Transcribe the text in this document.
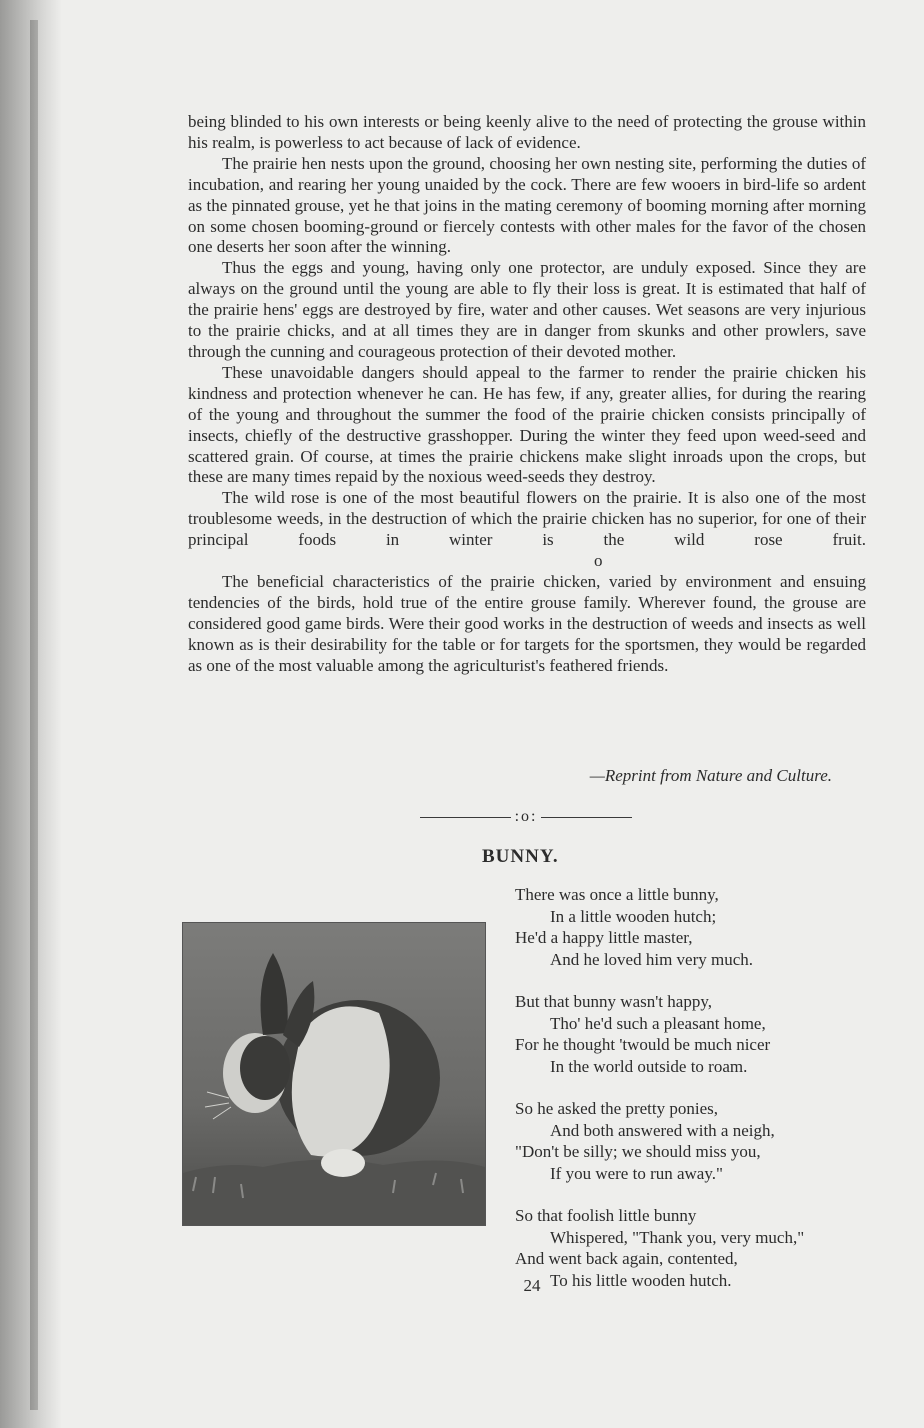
being blinded to his own interests or being keenly alive to the need of protecting the grouse within his realm, is powerless to act because of lack of evidence.

The prairie hen nests upon the ground, choosing her own nesting site, performing the duties of incubation, and rearing her young unaided by the cock. There are few wooers in bird-life so ardent as the pinnated grouse, yet he that joins in the mating ceremony of booming morning after morning on some chosen booming-ground or fiercely contests with other males for the favor of the chosen one deserts her soon after the winning.

Thus the eggs and young, having only one protector, are unduly exposed. Since they are always on the ground until the young are able to fly their loss is great. It is estimated that half of the prairie hens' eggs are destroyed by fire, water and other causes. Wet seasons are very injurious to the prairie chicks, and at all times they are in danger from skunks and other prowlers, save through the cunning and courageous protection of their devoted mother.

These unavoidable dangers should appeal to the farmer to render the prairie chicken his kindness and protection whenever he can. He has few, if any, greater allies, for during the rearing of the young and throughout the summer the food of the prairie chicken consists principally of insects, chiefly of the destructive grasshopper. During the winter they feed upon weed-seed and scattered grain. Of course, at times the prairie chickens make slight inroads upon the crops, but these are many times repaid by the noxious weed-seeds they destroy.

The wild rose is one of the most beautiful flowers on the prairie. It is also one of the most troublesome weeds, in the destruction of which the prairie chicken has no superior, for one of their principal foods in winter is the wild rose fruit.o

The beneficial characteristics of the prairie chicken, varied by environment and ensuing tendencies of the birds, hold true of the entire grouse family. Wherever found, the grouse are considered good game birds. Were their good works in the destruction of weeds and insects as well known as is their desirability for the table or for targets for the sportsmen, they would be regarded as one of the most valuable among the agriculturist's feathered friends.

—Reprint from Nature and Culture.
:o:
BUNNY.
There was once a little bunny,
In a little wooden hutch;
He'd a happy little master,
And he loved him very much.
But that bunny wasn't happy,
Tho' he'd such a pleasant home,
For he thought 'twould be much nicer
In the world outside to roam.
So he asked the pretty ponies,
And both answered with a neigh,
"Don't be silly; we should miss you,
If you were to run away."
So that foolish little bunny
Whispered, "Thank you, very much,"
And went back again, contented,
To his little wooden hutch.
24
